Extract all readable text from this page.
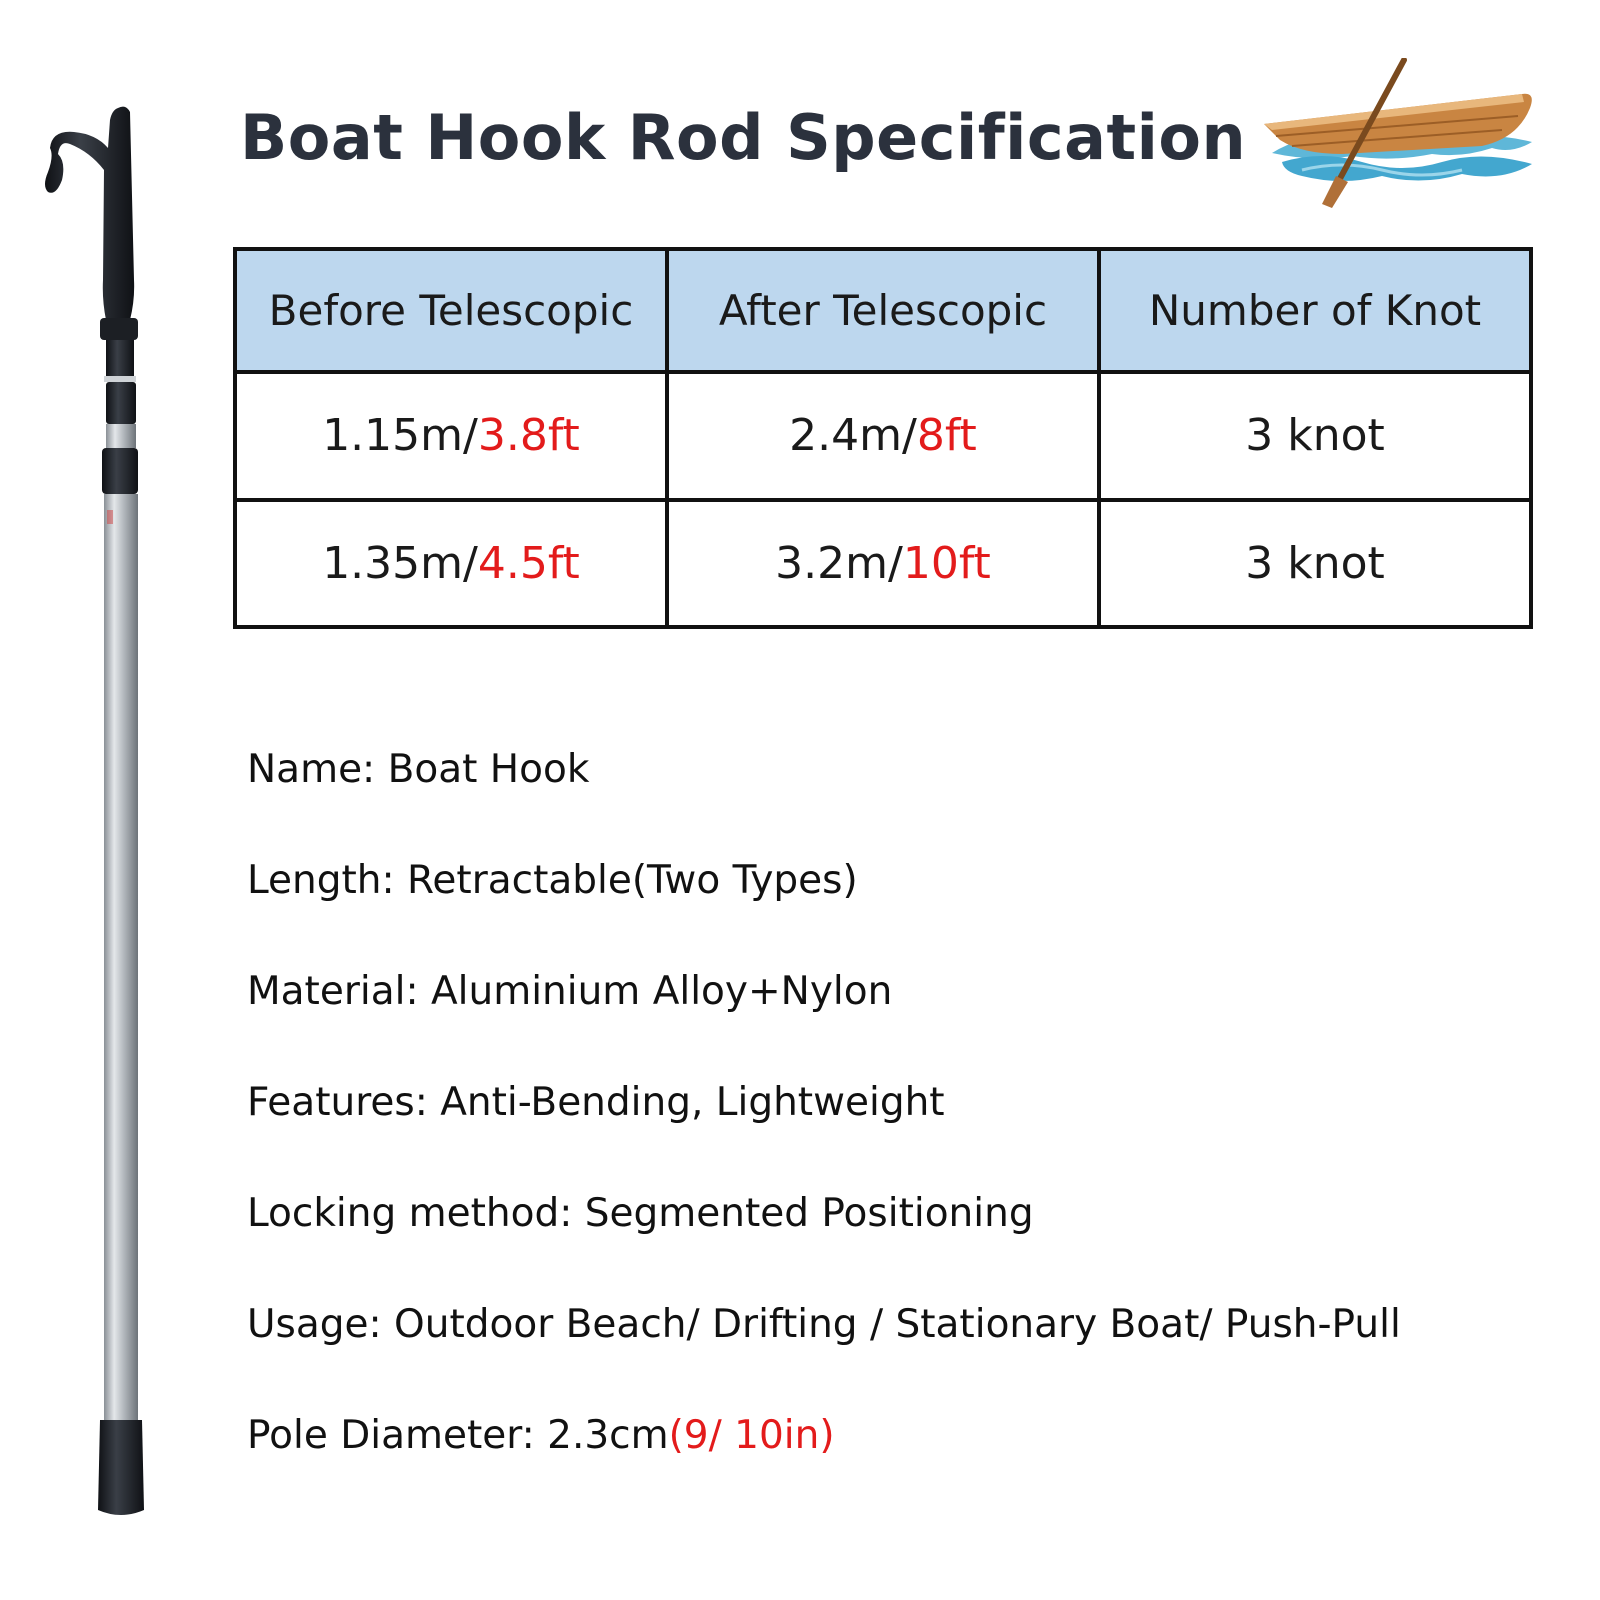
Boat Hook Rod Specification
Before Telescopic	After Telescopic	Number of Knot
1.15m/3.8ft	2.4m/8ft	3 knot
1.35m/4.5ft	3.2m/10ft	3 knot
Name: Boat Hook
Length: Retractable(Two Types)
Material: Aluminium Alloy+Nylon
Features: Anti-Bending, Lightweight
Locking method: Segmented Positioning
Usage: Outdoor Beach/ Drifting / Stationary Boat/ Push-Pull
Pole Diameter: 2.3cm(9/ 10in)
